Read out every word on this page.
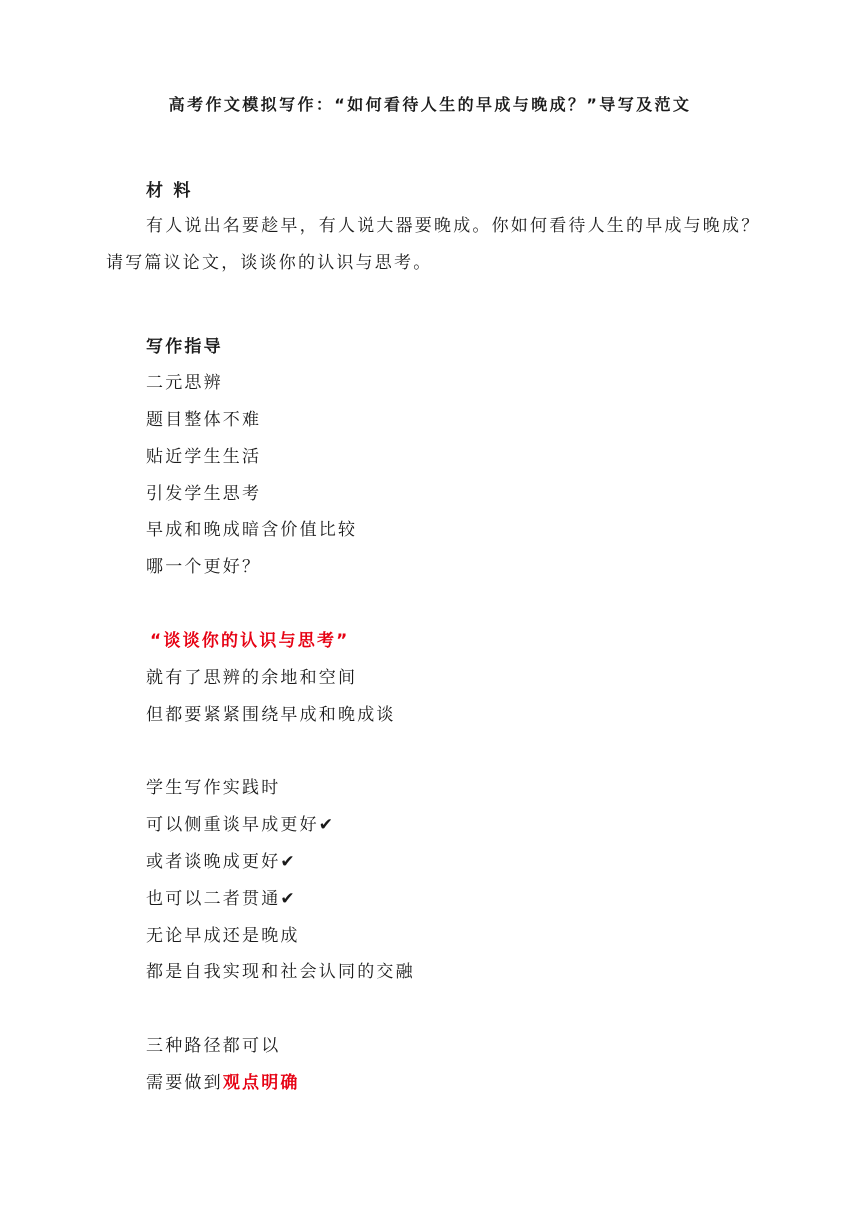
高考作文模拟写作：“如何看待人生的早成与晚成？”导写及范文
材 料
有人说出名要趁早，有人说大器要晚成。你如何看待人生的早成与晚成？请写篇议论文，谈谈你的认识与思考。
写作指导
二元思辨
题目整体不难
贴近学生生活
引发学生思考
早成和晚成暗含价值比较
哪一个更好？
“谈谈你的认识与思考”
就有了思辨的余地和空间
但都要紧紧围绕早成和晚成谈
学生写作实践时
可以侧重谈早成更好✔
或者谈晚成更好✔
也可以二者贯通✔
无论早成还是晚成
都是自我实现和社会认同的交融
三种路径都可以
需要做到观点明确
